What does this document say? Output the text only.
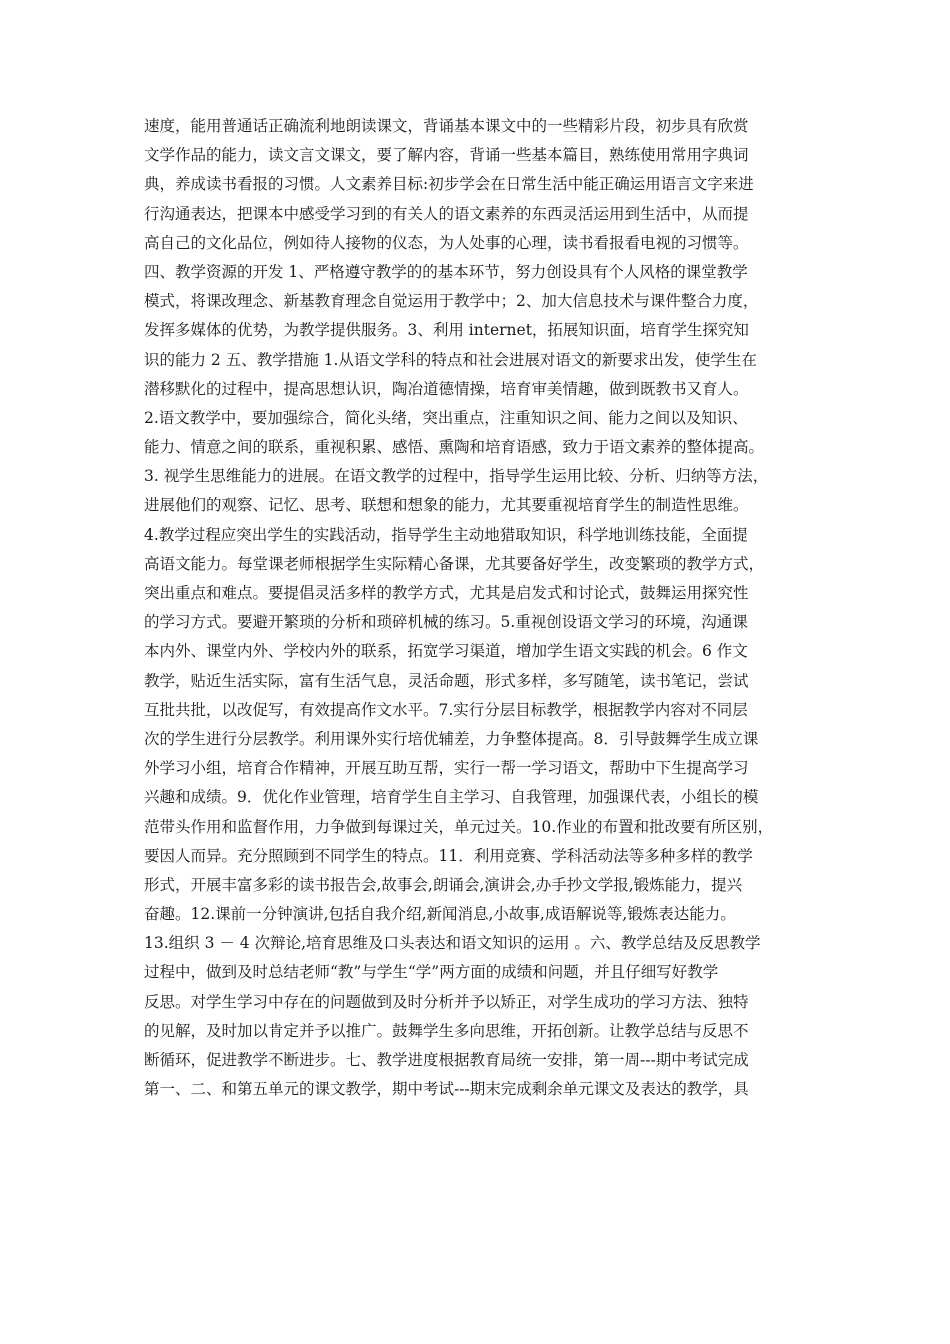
速度，能用普通话正确流利地朗读课文，背诵基本课文中的一些精彩片段，初步具有欣赏
文学作品的能力，读文言文课文，要了解内容，背诵一些基本篇目，熟练使用常用字典词
典，养成读书看报的习惯。人文素养目标:初步学会在日常生活中能正确运用语言文字来进
行沟通表达，把课本中感受学习到的有关人的语文素养的东西灵活运用到生活中，从而提
高自己的文化品位，例如待人接物的仪态，为人处事的心理，读书看报看电视的习惯等。
四、教学资源的开发 1、严格遵守教学的的基本环节，努力创设具有个人风格的课堂教学
模式，将课改理念、新基教育理念自觉运用于教学中；2、加大信息技术与课件整合力度，
发挥多媒体的优势，为教学提供服务。3、利用 internet，拓展知识面，培育学生探究知
识的能力 2 五、教学措施 1.从语文学科的特点和社会进展对语文的新要求出发，使学生在
潜移默化的过程中，提高思想认识，陶冶道德情操，培育审美情趣，做到既教书又育人。
2.语文教学中，要加强综合，简化头绪，突出重点，注重知识之间、能力之间以及知识、
能力、情意之间的联系，重视积累、感悟、熏陶和培育语感，致力于语文素养的整体提高。
3. 视学生思维能力的进展。在语文教学的过程中，指导学生运用比较、分析、归纳等方法，
进展他们的观察、记忆、思考、联想和想象的能力，尤其要重视培育学生的制造性思维。
4.教学过程应突出学生的实践活动，指导学生主动地猎取知识，科学地训练技能，全面提
高语文能力。每堂课老师根据学生实际精心备课，尤其要备好学生，改变繁琐的教学方式，
突出重点和难点。要提倡灵活多样的教学方式，尤其是启发式和讨论式，鼓舞运用探究性
的学习方式。要避开繁琐的分析和琐碎机械的练习。5.重视创设语文学习的环境，沟通课
本内外、课堂内外、学校内外的联系，拓宽学习渠道，增加学生语文实践的机会。6 作文
教学，贴近生活实际，富有生活气息，灵活命题，形式多样，多写随笔，读书笔记，尝试
互批共批，以改促写，有效提高作文水平。7.实行分层目标教学，根据教学内容对不同层
次的学生进行分层教学。利用课外实行培优辅差，力争整体提高。8．引导鼓舞学生成立课
外学习小组，培育合作精神，开展互助互帮，实行一帮一学习语文，帮助中下生提高学习
兴趣和成绩。9．优化作业管理，培育学生自主学习、自我管理，加强课代表，小组长的模
范带头作用和监督作用，力争做到每课过关，单元过关。10.作业的布置和批改要有所区别，
要因人而异。充分照顾到不同学生的特点。11．利用竞赛、学科活动法等多种多样的教学
形式，开展丰富多彩的读书报告会,故事会,朗诵会,演讲会,办手抄文学报,锻炼能力，提兴
奋趣。12.课前一分钟演讲,包括自我介绍,新闻消息,小故事,成语解说等,锻炼表达能力。
13.组织 3 － 4 次辩论,培育思维及口头表达和语文知识的运用 。六、教学总结及反思教学
过程中，做到及时总结老师“教”与学生“学”两方面的成绩和问题，并且仔细写好教学
反思。对学生学习中存在的问题做到及时分析并予以矫正，对学生成功的学习方法、独特
的见解，及时加以肯定并予以推广。鼓舞学生多向思维，开拓创新。让教学总结与反思不
断循环，促进教学不断进步。七、教学进度根据教育局统一安排，第一周---期中考试完成
第一、二、和第五单元的课文教学，期中考试---期末完成剩余单元课文及表达的教学，具
